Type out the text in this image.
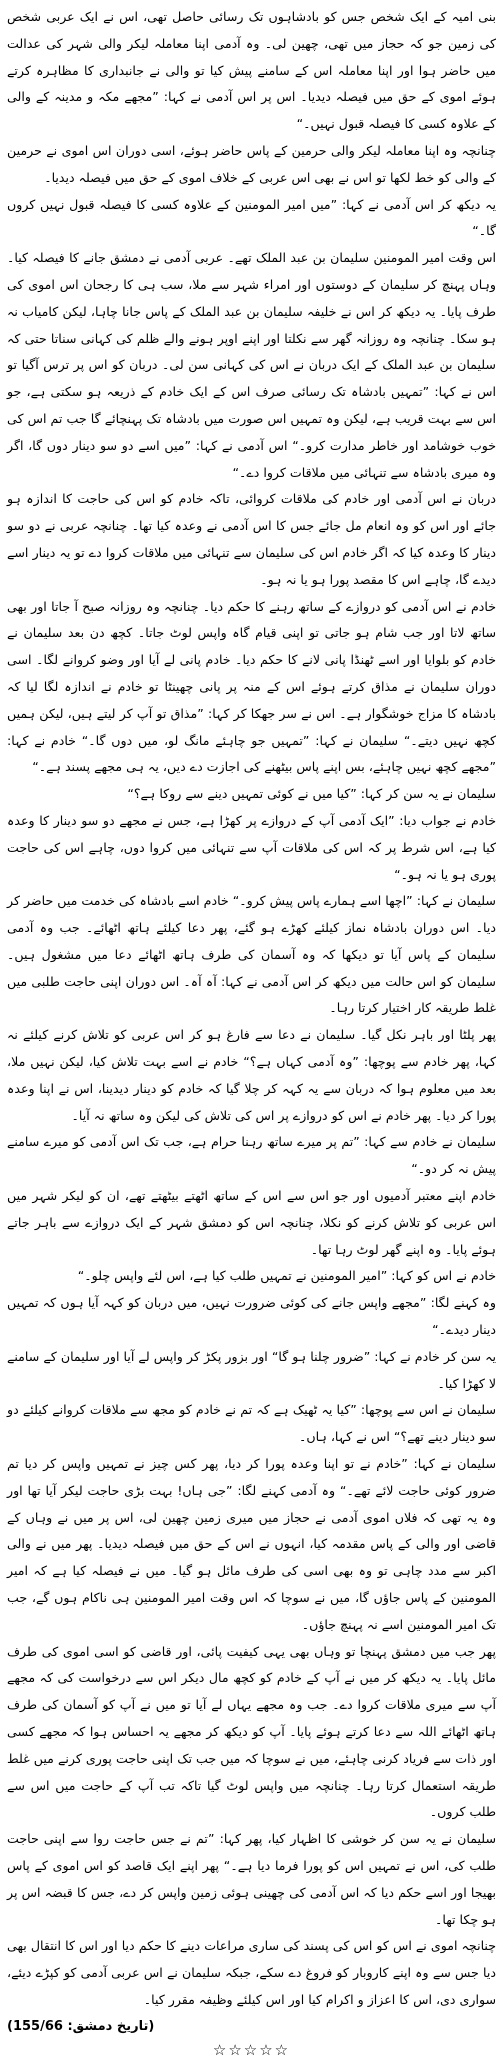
بنی امیہ کے ایک شخص جس کو بادشاہوں تک رسائی حاصل تھی، اس نے ایک عربی شخص کی زمین جو کہ حجاز میں تھی، چھین لی۔ وہ آدمی اپنا معاملہ لیکر والی شہر کی عدالت میں حاضر ہوا اور اپنا معاملہ اس کے سامنے پیش کیا تو والی نے جانبداری کا مظاہرہ کرتے ہوئے اموی کے حق میں فیصلہ دیدیا۔ اس پر اس آدمی نے کہا: ”مجھے مکہ و مدینہ کے والی کے علاوہ کسی کا فیصلہ قبول نہیں۔“

چنانچہ وہ اپنا معاملہ لیکر والی حرمین کے پاس حاضر ہوئے، اسی دوران اس اموی نے حرمین کے والی کو خط لکھا تو اس نے بھی اس عربی کے خلاف اموی کے حق میں فیصلہ دیدیا۔

یہ دیکھ کر اس آدمی نے کہا: ”میں امیر المومنین کے علاوہ کسی کا فیصلہ قبول نہیں کروں گا۔“

اس وقت امیر المومنین سلیمان بن عبد الملک تھے۔ عربی آدمی نے دمشق جانے کا فیصلہ کیا۔ وہاں پہنچ کر سلیمان کے دوستوں اور امراء شہر سے ملا، سب ہی کا رجحان اس اموی کی طرف پایا۔ یہ دیکھ کر اس نے خلیفہ سلیمان بن عبد الملک کے پاس جانا چاہا، لیکن کامیاب نہ ہو سکا۔ چنانچہ وہ روزانہ گھر سے نکلتا اور اپنے اوپر ہونے والے ظلم کی کہانی سناتا حتی کہ سلیمان بن عبد الملک کے ایک دربان نے اس کی کہانی سن لی۔ دربان کو اس پر ترس آگیا تو اس نے کہا: ”تمہیں بادشاہ تک رسائی صرف اس کے ایک خادم کے ذریعہ ہو سکتی ہے، جو اس سے بہت قریب ہے، لیکن وہ تمہیں اس صورت میں بادشاہ تک پہنچائے گا جب تم اس کی خوب خوشامد اور خاطر مدارت کرو۔“ اس آدمی نے کہا: ”میں اسے دو سو دینار دوں گا، اگر وہ میری بادشاہ سے تنہائی میں ملاقات کروا دے۔“

دربان نے اس آدمی اور خادم کی ملاقات کروائی، تاکہ خادم کو اس کی حاجت کا اندازہ ہو جائے اور اس کو وہ انعام مل جائے جس کا اس آدمی نے وعدہ کیا تھا۔ چنانچہ عربی نے دو سو دینار کا وعدہ کیا کہ اگر خادم اس کی سلیمان سے تنہائی میں ملاقات کروا دے تو یہ دینار اسے دیدے گا، چاہے اس کا مقصد پورا ہو یا نہ ہو۔

خادم نے اس آدمی کو دروازے کے ساتھ رہنے کا حکم دیا۔ چنانچہ وہ روزانہ صبح آ جاتا اور بھی ساتھ لاتا اور جب شام ہو جاتی تو اپنی قیام گاہ واپس لوٹ جاتا۔ کچھ دن بعد سلیمان نے خادم کو بلوایا اور اسے ٹھنڈا پانی لانے کا حکم دیا۔ خادم پانی لے آیا اور وضو کروانے لگا۔ اسی دوران سلیمان نے مذاق کرتے ہوئے اس کے منہ پر پانی چھینٹا تو خادم نے اندازہ لگا لیا کہ بادشاہ کا مزاج خوشگوار ہے۔ اس نے سر جھکا کر کہا: ”مذاق تو آپ کر لیتے ہیں، لیکن ہمیں کچھ نہیں دیتے۔“ سلیمان نے کہا: ”تمہیں جو چاہئے مانگ لو، میں دوں گا۔“ خادم نے کہا: ”مجھے کچھ نہیں چاہئے، بس اپنے پاس بیٹھنے کی اجازت دے دیں، یہ ہی مجھے پسند ہے۔“

سلیمان نے یہ سن کر کہا: ”کیا میں نے کوئی تمہیں دینے سے روکا ہے؟“

خادم نے جواب دیا: ”ایک آدمی آپ کے دروازے پر کھڑا ہے، جس نے مجھے دو سو دینار کا وعدہ کیا ہے، اس شرط پر کہ اس کی ملاقات آپ سے تنہائی میں کروا دوں، چاہے اس کی حاجت پوری ہو یا نہ ہو۔“

سلیمان نے کہا: ”اچھا اسے ہمارے پاس پیش کرو۔“ خادم اسے بادشاہ کی خدمت میں حاضر کر دیا۔ اس دوران بادشاہ نماز کیلئے کھڑے ہو گئے، پھر دعا کیلئے ہاتھ اٹھائے۔ جب وہ آدمی سلیمان کے پاس آیا تو دیکھا کہ وہ آسمان کی طرف ہاتھ اٹھائے دعا میں مشغول ہیں۔ سلیمان کو اس حالت میں دیکھ کر اس آدمی نے کہا: آہ آہ۔ اس دوران اپنی حاجت طلبی میں غلط طریقہ کار اختیار کرتا رہا۔

پھر پلٹا اور باہر نکل گیا۔ سلیمان نے دعا سے فارغ ہو کر اس عربی کو تلاش کرنے کیلئے نہ کہا، پھر خادم سے پوچھا: ”وہ آدمی کہاں ہے؟“ خادم نے اسے بہت تلاش کیا، لیکن نہیں ملا، بعد میں معلوم ہوا کہ دربان سے یہ کہہ کر چلا گیا کہ خادم کو دینار دیدینا، اس نے اپنا وعدہ پورا کر دیا۔ پھر خادم نے اس کو دروازے پر اس کی تلاش کی لیکن وہ ساتھ نہ آیا۔

سلیمان نے خادم سے کہا: ”تم پر میرے ساتھ رہنا حرام ہے، جب تک اس آدمی کو میرے سامنے پیش نہ کر دو۔“

خادم اپنے معتبر آدمیوں اور جو اس سے اس کے ساتھ اٹھتے بیٹھتے تھے، ان کو لیکر شہر میں اس عربی کو تلاش کرنے کو نکلا، چنانچہ اس کو دمشق شہر کے ایک دروازے سے باہر جاتے ہوئے پایا۔ وہ اپنے گھر لوٹ رہا تھا۔

خادم نے اس کو کہا: ”امیر المومنین نے تمہیں طلب کیا ہے، اس لئے واپس چلو۔“

وہ کہنے لگا: ”مجھے واپس جانے کی کوئی ضرورت نہیں، میں دربان کو کہہ آیا ہوں کہ تمہیں دینار دیدے۔“

یہ سن کر خادم نے کہا: ”ضرور چلنا ہو گا“ اور بزور پکڑ کر واپس لے آیا اور سلیمان کے سامنے لا کھڑا کیا۔

سلیمان نے اس سے پوچھا: ”کیا یہ ٹھیک ہے کہ تم نے خادم کو مجھ سے ملاقات کروانے کیلئے دو سو دینار دینے تھے؟“ اس نے کہا، ہاں۔

سلیمان نے کہا: ”خادم نے تو اپنا وعدہ پورا کر دیا، پھر کس چیز نے تمہیں واپس کر دیا تم ضرور کوئی حاجت لائے تھے۔“ وہ آدمی کہنے لگا: ”جی ہاں! بہت بڑی حاجت لیکر آیا تھا اور وہ یہ تھی کہ فلاں اموی آدمی نے حجاز میں میری زمین چھین لی، اس پر میں نے وہاں کے قاضی اور والی کے پاس مقدمہ کیا، انہوں نے اس کے حق میں فیصلہ دیدیا۔ پھر میں نے والی اکبر سے مدد چاہی تو وہ بھی اسی کی طرف مائل ہو گیا۔ میں نے فیصلہ کیا ہے کہ امیر المومنین کے پاس جاؤں گا، میں نے سوچا کہ اس وقت امیر المومنین ہی ناکام ہوں گے، جب تک امیر المومنین اسے نہ پہنچ جاؤں۔

پھر جب میں دمشق پہنچا تو وہاں بھی یہی کیفیت پائی، اور قاضی کو اسی اموی کی طرف مائل پایا۔ یہ دیکھ کر میں نے آپ کے خادم کو کچھ مال دیکر اس سے درخواست کی کہ مجھے آپ سے میری ملاقات کروا دے۔ جب وہ مجھے یہاں لے آیا تو میں نے آپ کو آسمان کی طرف ہاتھ اٹھائے اللہ سے دعا کرتے ہوئے پایا۔ آپ کو دیکھ کر مجھے یہ احساس ہوا کہ مجھے کسی اور ذات سے فریاد کرنی چاہئے، میں نے سوچا کہ میں جب تک اپنی حاجت پوری کرنے میں غلط طریقہ استعمال کرتا رہا۔ چنانچہ میں واپس لوٹ گیا تاکہ تب آپ کے حاجت میں اس سے طلب کروں۔

سلیمان نے یہ سن کر خوشی کا اظہار کیا، پھر کہا: ”تم نے جس حاجت روا سے اپنی حاجت طلب کی، اس نے تمہیں اس کو پورا فرما دیا ہے۔“ پھر اپنے ایک قاصد کو اس اموی کے پاس بھیجا اور اسے حکم دیا کہ اس آدمی کی چھینی ہوئی زمین واپس کر دے، جس کا قبضہ اس پر ہو چکا تھا۔

چنانچہ اموی نے اس کو اس کی پسند کی ساری مراعات دینے کا حکم دیا اور اس کا انتقال بھی دیا جس سے وہ اپنے کاروبار کو فروغ دے سکے، جبکہ سلیمان نے اس عربی آدمی کو کپڑے دیئے، سواری دی، اس کا اعزاز و اکرام کیا اور اس کیلئے وظیفہ مقرر کیا۔

(تاریخ دمشق: 155/66)
☆☆☆☆☆
